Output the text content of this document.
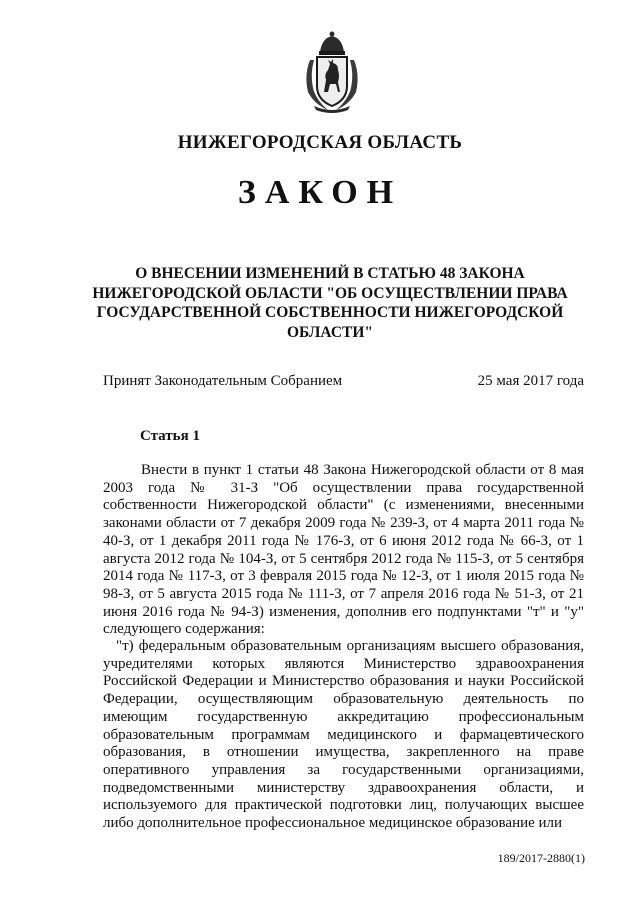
НИЖЕГОРОДСКАЯ ОБЛАСТЬ
ЗАКОН
О ВНЕСЕНИИ ИЗМЕНЕНИЙ В СТАТЬЮ 48 ЗАКОНА НИЖЕГОРОДСКОЙ ОБЛАСТИ "ОБ ОСУЩЕСТВЛЕНИИ ПРАВА ГОСУДАРСТВЕННОЙ СОБСТВЕННОСТИ НИЖЕГОРОДСКОЙ ОБЛАСТИ"
Принят Законодательным Собранием	25 мая 2017 года
Статья 1

Внести в пункт 1 статьи 48 Закона Нижегородской области от 8 мая 2003 года № 31-З "Об осуществлении права государственной собственности Нижегородской области" (с изменениями, внесенными законами области от 7 декабря 2009 года № 239-З, от 4 марта 2011 года № 40-З, от 1 декабря 2011 года № 176-З, от 6 июня 2012 года № 66-З, от 1 августа 2012 года № 104-З, от 5 сентября 2012 года № 115-З, от 5 сентября 2014 года № 117-З, от 3 февраля 2015 года № 12-З, от 1 июля 2015 года № 98-З, от 5 августа 2015 года № 111-З, от 7 апреля 2016 года № 51-З, от 21 июня 2016 года № 94-З) изменения, дополнив его подпунктами "т" и "у" следующего содержания:

"т) федеральным образовательным организациям высшего образования, учредителями которых являются Министерство здравоохранения Российской Федерации и Министерство образования и науки Российской Федерации, осуществляющим образовательную деятельность по имеющим государственную аккредитацию профессиональным образовательным программам медицинского и фармацевтического образования, в отношении имущества, закрепленного на праве оперативного управления за государственными организациями, подведомственными министерству здравоохранения области, и используемого для практической подготовки лиц, получающих высшее либо дополнительное профессиональное медицинское образование или

189/2017-2880(1)
